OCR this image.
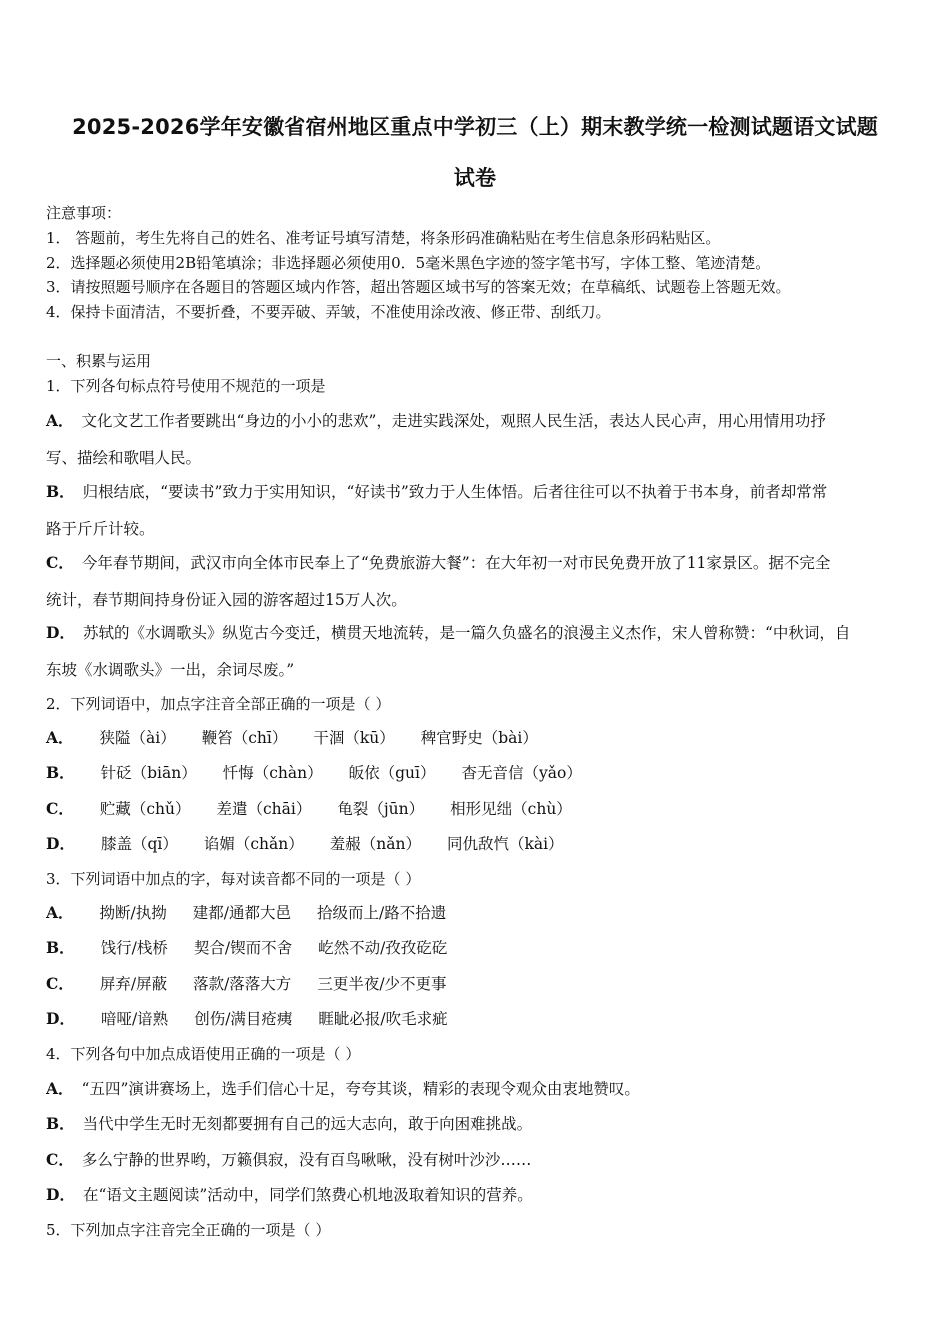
2025-2026学年安徽省宿州地区重点中学初三（上）期末教学统一检测试题语文试题
试卷
注意事项：
1． 答题前，考生先将自己的姓名、准考证号填写清楚，将条形码准确粘贴在考生信息条形码粘贴区。
2．选择题必须使用2B铅笔填涂；非选择题必须使用0．5毫米黑色字迹的签字笔书写，字体工整、笔迹清楚。
3．请按照题号顺序在各题目的答题区域内作答，超出答题区域书写的答案无效；在草稿纸、试题卷上答题无效。
4．保持卡面清洁，不要折叠，不要弄破、弄皱，不准使用涂改液、修正带、刮纸刀。
一、积累与运用
1．下列各句标点符号使用不规范的一项是
A． 文化文艺工作者要跳出“身边的小小的悲欢”，走进实践深处，观照人民生活，表达人民心声，用心用情用功抒
写、描绘和歌唱人民。
B． 归根结底，“要读书”致力于实用知识，“好读书”致力于人生体悟。后者往往可以不执着于书本身，前者却常常
路于斤斤计较。
C． 今年春节期间，武汉市向全体市民奉上了“免费旅游大餐”：在大年初一对市民免费开放了11家景区。据不完全
统计，春节期间持身份证入园的游客超过15万人次。
D． 苏轼的《水调歌头》纵览古今变迁，横贯天地流转，是一篇久负盛名的浪漫主义杰作，宋人曾称赞：“中秋词，自
东坡《水调歌头》一出，余词尽废。”
2．下列词语中，加点字注音全部正确的一项是（ ）
A． 狭隘（ài） 鞭笞（chī） 干涸（kū） 稗官野史（bài）
B． 针砭（biān） 忏悔（chàn） 皈依（guī） 杳无音信（yǎo）
C． 贮藏（chǔ） 差遣（chāi） 龟裂（jūn） 相形见绌（chù）
D． 膝盖（qī） 谄媚（chǎn） 羞赧（nǎn） 同仇敌忾（kài）
3．下列词语中加点的字，每对读音都不同的一项是（ ）
A． 拗断/执拗 建都/通都大邑 拾级而上/路不拾遗
B． 饯行/栈桥 契合/锲而不舍 屹然不动/孜孜矻矻
C． 屏弃/屏蔽 落款/落落大方 三更半夜/少不更事
D． 喑哑/谙熟 创伤/满目疮痍 睚眦必报/吹毛求疵
4．下列各句中加点成语使用正确的一项是（ ）
A． “五四”演讲赛场上，选手们信心十足，夸夸其谈，精彩的表现令观众由衷地赞叹。
B． 当代中学生无时无刻都要拥有自己的远大志向，敢于向困难挑战。
C． 多么宁静的世界哟，万籁俱寂，没有百鸟啾啾，没有树叶沙沙……
D． 在“语文主题阅读”活动中，同学们煞费心机地汲取着知识的营养。
5．下列加点字注音完全正确的一项是（ ）
